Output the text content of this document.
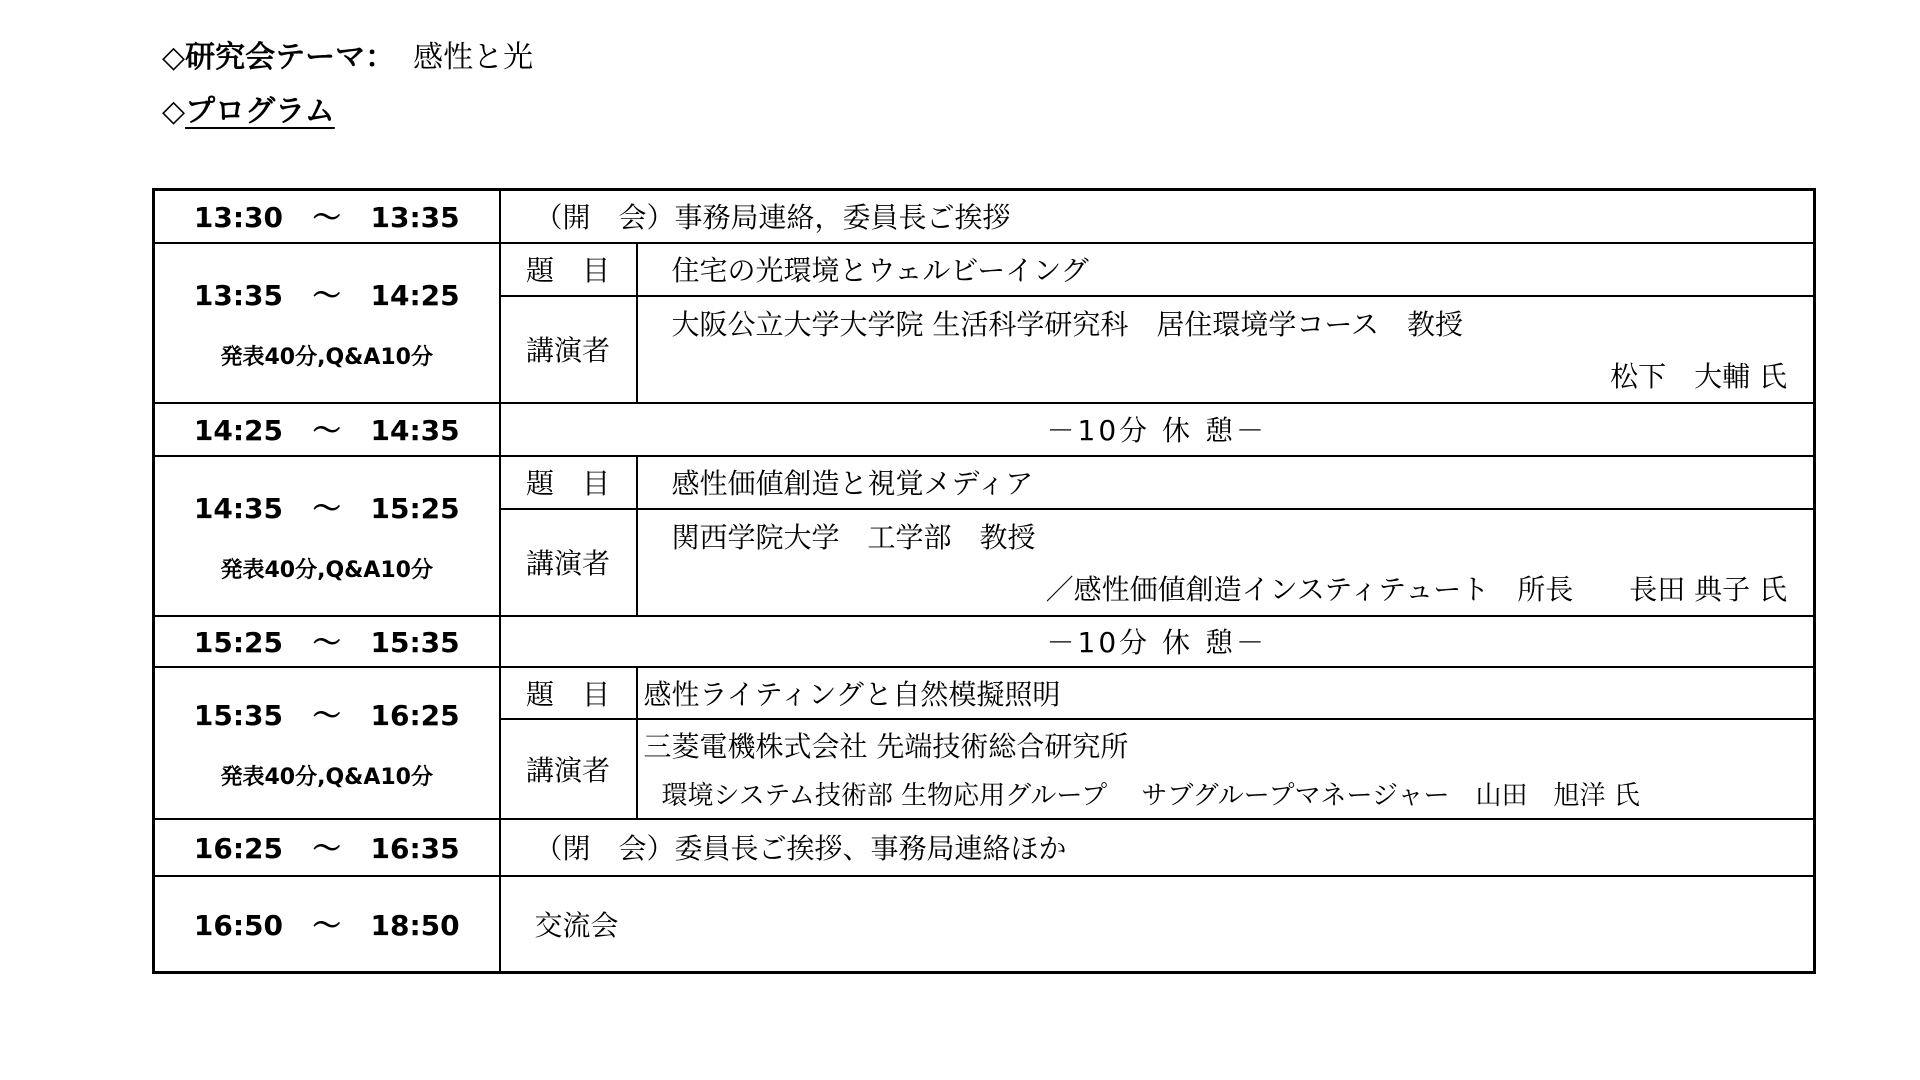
◇研究会テーマ： 感性と光
◇プログラム
13:30 〜 13:35	（開　会）事務局連絡，委員長ご挨拶	

13:35 〜 14:25
発表40分,Q&A10分	題　目	住宅の光環境とウェルビーイング
	講演者	大阪公立大学大学院 生活科学研究科　居住環境学コース　教授
松下　大輔 氏

14:25 〜 14:35	－10分 休 憩－	

14:35 〜 15:25
発表40分,Q&A10分	題　目	感性価値創造と視覚メディア
	講演者	関西学院大学　工学部　教授
／感性価値創造インスティテュート　所長　　長田 典子 氏

15:25 〜 15:35	－10分 休 憩－	

15:35 〜 16:25
発表40分,Q&A10分	題　目	感性ライティングと自然模擬照明
	講演者	三菱電機株式会社 先端技術総合研究所
環境システム技術部 生物応用グループ　 サブグループマネージャー　山田　旭洋 氏

16:25 〜 16:35	（閉　会）委員長ご挨拶、事務局連絡ほか	

16:50 〜 18:50	交流会	
